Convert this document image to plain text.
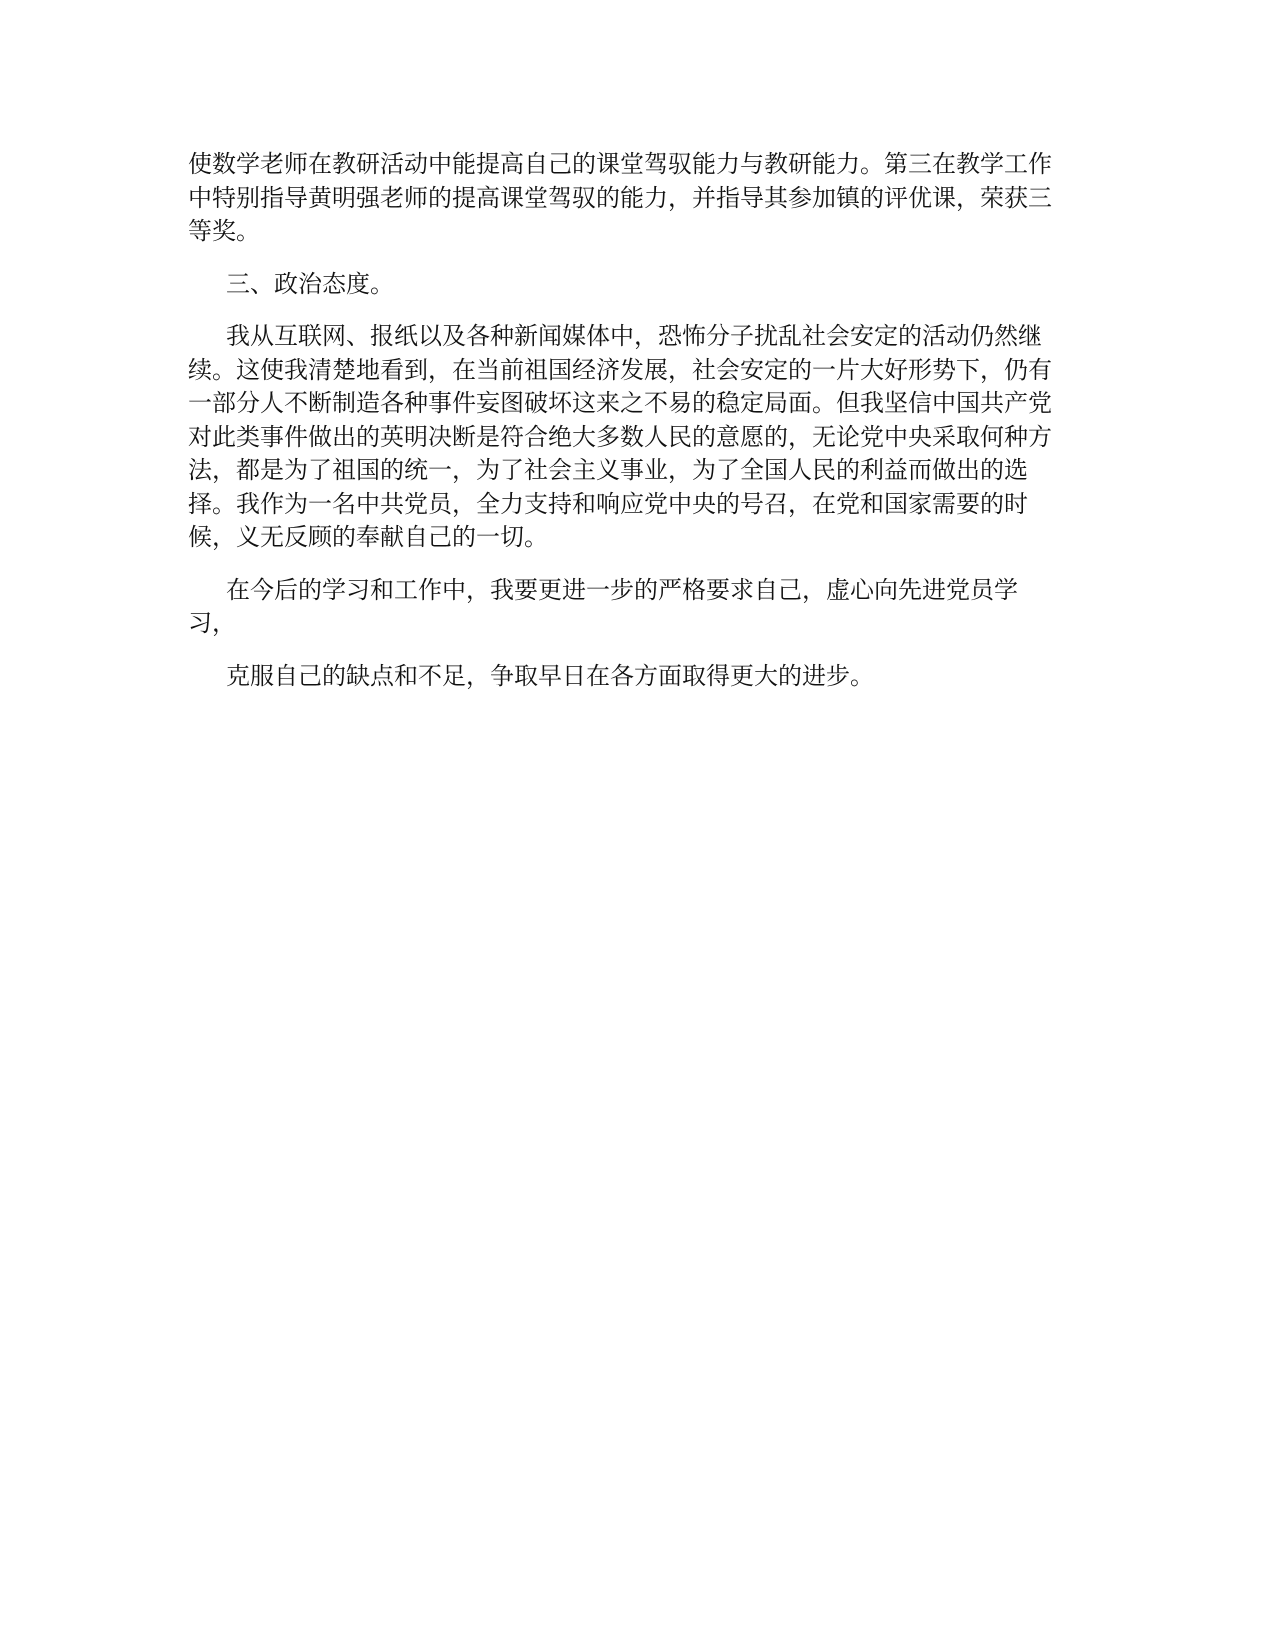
使数学老师在教研活动中能提高自己的课堂驾驭能力与教研能力。第三在教学工作
中特别指导黄明强老师的提高课堂驾驭的能力，并指导其参加镇的评优课，荣获三
等奖。

三、政治态度。

我从互联网、报纸以及各种新闻媒体中，恐怖分子扰乱社会安定的活动仍然继
续。这使我清楚地看到，在当前祖国经济发展，社会安定的一片大好形势下，仍有
一部分人不断制造各种事件妄图破坏这来之不易的稳定局面。但我坚信中国共产党
对此类事件做出的英明决断是符合绝大多数人民的意愿的，无论党中央采取何种方
法，都是为了祖国的统一，为了社会主义事业，为了全国人民的利益而做出的选
择。我作为一名中共党员，全力支持和响应党中央的号召，在党和国家需要的时
候，义无反顾的奉献自己的一切。

在今后的学习和工作中，我要更进一步的严格要求自己，虚心向先进党员学
习，

克服自己的缺点和不足，争取早日在各方面取得更大的进步。
